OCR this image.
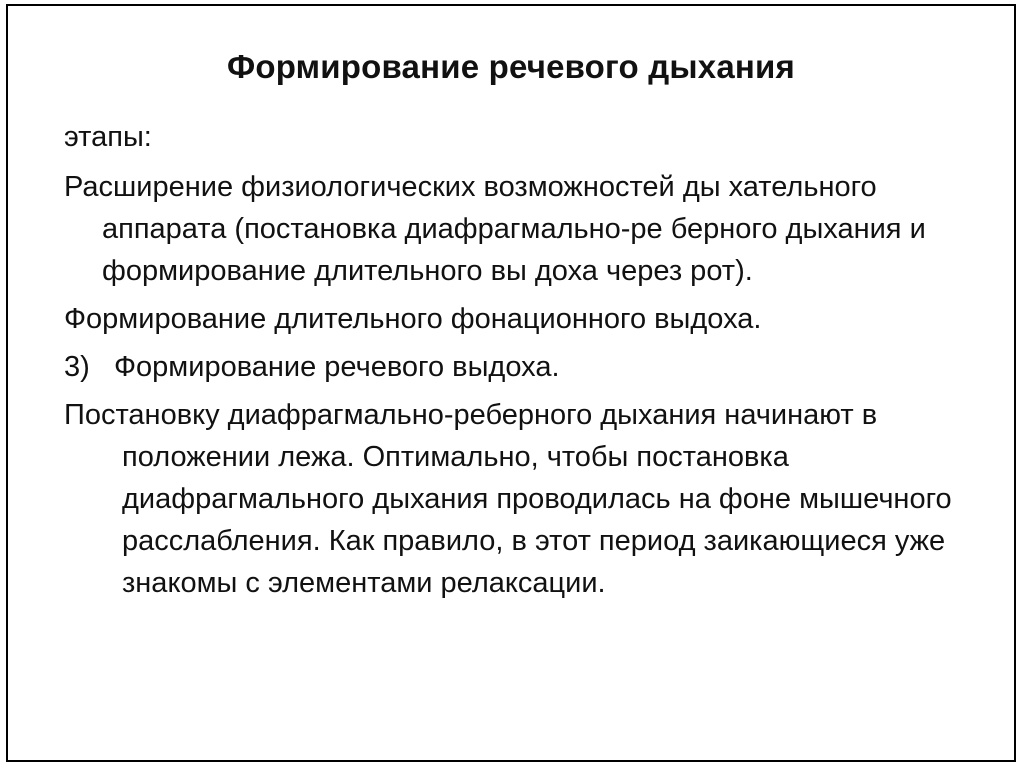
Формирование речевого дыхания

этапы:

Расширение физиологических возможностей ды хательного аппарата (постановка диафрагмально-ре берного дыхания и формирование длительного вы доха через рот).

Формирование длительного фонационного выдоха.

3) Формирование речевого выдоха.

Постановку диафрагмально-реберного дыхания начинают в положении лежа. Оптимально, чтобы постановка диафрагмального дыхания проводилась на фоне мышечного расслабления. Как правило, в этот период заикающиеся уже знакомы с элементами релаксации.
